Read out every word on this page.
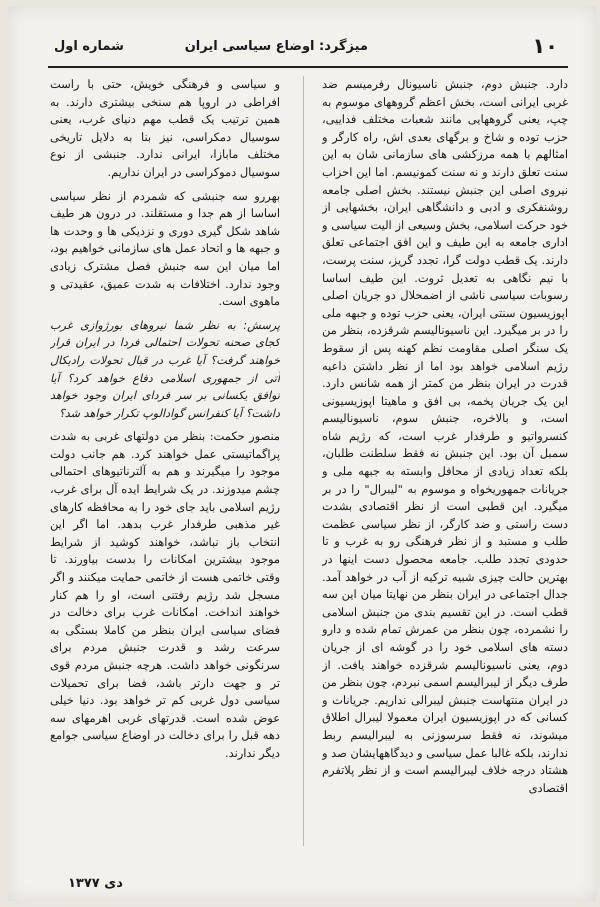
۱۰
میزگرد: اوضاع سیاسی ایران
شماره اول

دارد. جنبش دوم، جنبش ناسیونال رفرمیسم ضد غربی ایرانی است، بخش اعظم گروههای موسوم به چپ، یعنی گروههایی مانند شعبات مختلف فداییی، حزب توده و شاخ و برگهای بعدی اش، راه کارگر و امثالهم با همه مرزکشی های سازمانی شان به این سنت تعلق دارند و نه سنت کمونیسم. اما این احزاب نیروی اصلی این جنبش نیستند. بخش اصلی جامعه روشنفکری و ادبی و دانشگاهی ایران، بخشهایی از خود حرکت اسلامی، بخش وسیعی از الیت سیاسی و اداری جامعه به این طیف و این افق اجتماعی تعلق دارند. یک قطب دولت گرا، تجدد گریز، سنت پرست، با نیم نگاهی به تعدیل ثروت. این طیف اساسا رسوبات سیاسی ناشی از اضمحلال دو جریان اصلی اپوزیسیون سنتی ایران، یعنی حزب توده و جبهه ملی را در بر میگیرد. این ناسیونالیسم شرقزده، بنظر من یک سنگر اصلی مقاومت نظم کهنه پس از سقوط رژیم اسلامی خواهد بود اما از نظر داشتن داعیه قدرت در ایران بنظر من کمتر از همه شانس دارد. این یک جریان پخمه، بی افق و ماهیتا اپوزیسیونی است، و بالاخره، جنبش سوم، ناسیونالیسم کنسرواتیو و طرفدار غرب است، که رژیم شاه سمبل آن بود. این جنبش نه فقط سلطنت طلبان، بلکه تعداد زیادی از محافل وابسته به جبهه ملی و جریانات جمهوریخواه و موسوم به "لیبرال" را در بر میگیرد. این قطبی است از نظر اقتصادی بشدت دست راستی و ضد کارگر، از نظر سیاسی عظمت طلب و مستبد و از نظر فرهنگی رو به غرب و تا حدودی تجدد طلب. جامعه محصول دست اینها در بهترین حالت چیزی شبیه ترکیه از آب در خواهد آمد. جدال اجتماعی در ایران بنظر من نهایتا میان این سه قطب است. در این تقسیم بندی من جنبش اسلامی را نشمرده، چون بنظر من عمرش تمام شده و دارو دسته های اسلامی خود را در گوشه ای از جریان دوم، یعنی ناسیونالیسم شرقزده خواهند یافت. از طرف دیگر از لیبرالیسم اسمی نبردم، چون بنظر من در ایران منتهاست جنبش لیبرالی نداریم. جریانات و کسانی که در اپوزیسیون ایران معمولا لیبرال اطلاق میشوند، نه فقط سرسوزنی به لیبرالیسم ربط ندارند، بلکه غالبا عمل سیاسی و دیدگاههایشان صد و هشتاد درجه خلاف لیبرالیسم است و از نظر پلاتفرم اقتصادی

و سیاسی و فرهنگی خویش، حتی با راست افراطی در اروپا هم سنخی بیشتری دارند. به همین ترتیب یک قطب مهم دنیای غرب، یعنی سوسیال دمکراسی، نیز بنا به دلایل تاریخی مختلف مابازا، ایرانی ندارد. جنبشی از نوع سوسیال دموکراسی در ایران نداریم.

بهررو سه جنبشی که شمردم از نظر سیاسی اساسا از هم جدا و مستقلند. در درون هر طیف شاهد شکل گیری دوری و نزدیکی ها و وحدت ها و جبهه ها و اتحاد عمل های سازمانی خواهیم بود، اما میان این سه جنبش فصل مشترک زیادی وجود ندارد. اختلافات به شدت عمیق، عقیدتی و ماهوی است.

پرسش: به نظر شما نیروهای بورژوازی غرب کجای صحنه تحولات احتمالی فردا در ایران قرار خواهند گرفت؟ آیا غرب در قبال تحولات رادیکال آتی از جمهوری اسلامی دفاع خواهد کرد؟ آیا توافق یکسانی بر سر فردای ایران وجود خواهد داشت؟ آیا کنفرانس گوادالوپ تکرار خواهد شد؟

منصور حکمت: بنظر من دولتهای غربی به شدت پراگماتیستی عمل خواهند کرد. هم جانب دولت موجود را میگیرند و هم به آلترناتیوهای احتمالی چشم میدوزند. در یک شرایط ایده آل برای غرب، رژیم اسلامی باید جای خود را به محافظه کارهای غیر مذهبی طرفدار غرب بدهد. اما اگر این انتخاب باز نباشد، خواهند کوشید از شرایط موجود بیشترین امکانات را بدست بیاورند. تا وقتی خاتمی هست از خاتمی حمایت میکنند و اگر مسجل شد رژیم رفتنی است، او را هم کنار خواهند انداخت. امکانات غرب برای دخالت در فضای سیاسی ایران بنظر من کاملا بستگی به سرعت رشد و قدرت جنبش مردم برای سرنگونی خواهد داشت. هرچه جنبش مردم قوی تر و جهت دارتر باشد، فضا برای تحمیلات سیاسی دول غربی کم تر خواهد بود. دنیا خیلی عوض شده است. قدرتهای غربی اهرمهای سه دهه قبل را برای دخالت در اوضاع سیاسی جوامع دیگر ندارند.

دی ۱۳۷۷
